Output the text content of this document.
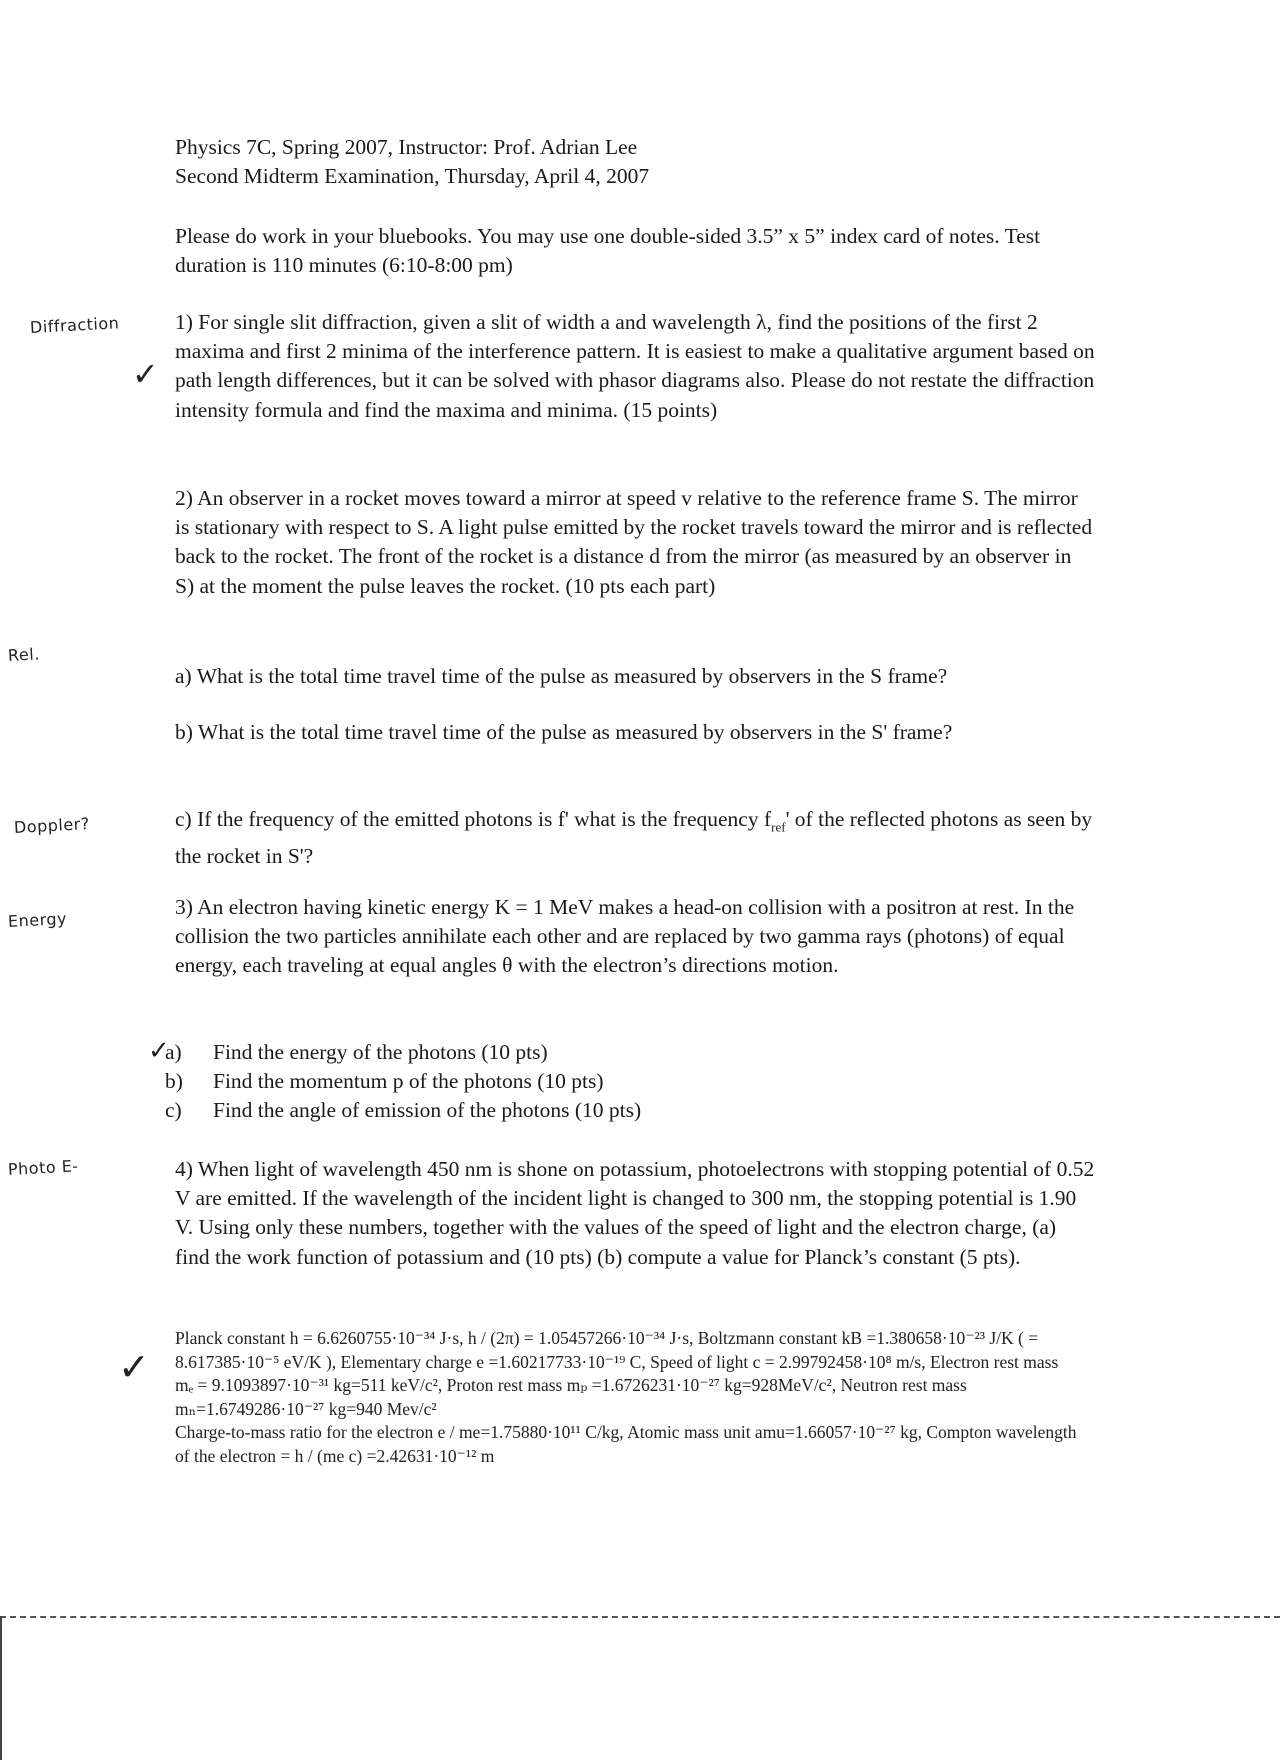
Physics 7C, Spring 2007, Instructor: Prof. Adrian Lee
Second Midterm Examination, Thursday, April 4, 2007
Please do work in your bluebooks. You may use one double-sided 3.5” x 5” index card of notes. Test duration is 110 minutes (6:10-8:00 pm)
Diffraction
Rel.
Doppler?
Energy
Photo E-
✓
✓
✓
1) For single slit diffraction, given a slit of width a and wavelength λ, find the positions of the first 2 maxima and first 2 minima of the interference pattern. It is easiest to make a qualitative argument based on path length differences, but it can be solved with phasor diagrams also. Please do not restate the diffraction intensity formula and find the maxima and minima. (15 points)
2) An observer in a rocket moves toward a mirror at speed v relative to the reference frame S. The mirror is stationary with respect to S. A light pulse emitted by the rocket travels toward the mirror and is reflected back to the rocket. The front of the rocket is a distance d from the mirror (as measured by an observer in S) at the moment the pulse leaves the rocket. (10 pts each part)
a) What is the total time travel time of the pulse as measured by observers in the S frame?
b) What is the total time travel time of the pulse as measured by observers in the S' frame?
c) If the frequency of the emitted photons is f' what is the frequency $f_{ref}'$ of the reflected photons as seen by the rocket in S'?
3) An electron having kinetic energy K = 1 MeV makes a head-on collision with a positron at rest. In the collision the two particles annihilate each other and are replaced by two gamma rays (photons) of equal energy, each traveling at equal angles θ with the electron’s directions motion.
a)	Find the energy of the photons (10 pts)
b)	Find the momentum p of the photons (10 pts)
c)	Find the angle of emission of the photons (10 pts)
4) When light of wavelength 450 nm is shone on potassium, photoelectrons with stopping potential of 0.52 V are emitted. If the wavelength of the incident light is changed to 300 nm, the stopping potential is 1.90 V. Using only these numbers, together with the values of the speed of light and the electron charge, (a) find the work function of potassium and (10 pts) (b) compute a value for Planck’s constant (5 pts).
Planck constant h = 6.6260755·10⁻³⁴ J·s, h / (2π) = 1.05457266·10⁻³⁴ J·s, Boltzmann constant kB =1.380658·10⁻²³ J/K ( = 8.617385·10⁻⁵ eV/K ), Elementary charge e =1.60217733·10⁻¹⁹ C, Speed of light c = 2.99792458·10⁸ m/s, Electron rest mass mₑ = 9.1093897·10⁻³¹ kg=511 keV/c², Proton rest mass mₚ =1.6726231·10⁻²⁷ kg=928MeV/c², Neutron rest mass mₙ=1.6749286·10⁻²⁷ kg=940 Mev/c²
Charge-to-mass ratio for the electron e / me=1.75880·10¹¹ C/kg, Atomic mass unit amu=1.66057·10⁻²⁷ kg, Compton wavelength of the electron = h / (me c) =2.42631·10⁻¹² m
